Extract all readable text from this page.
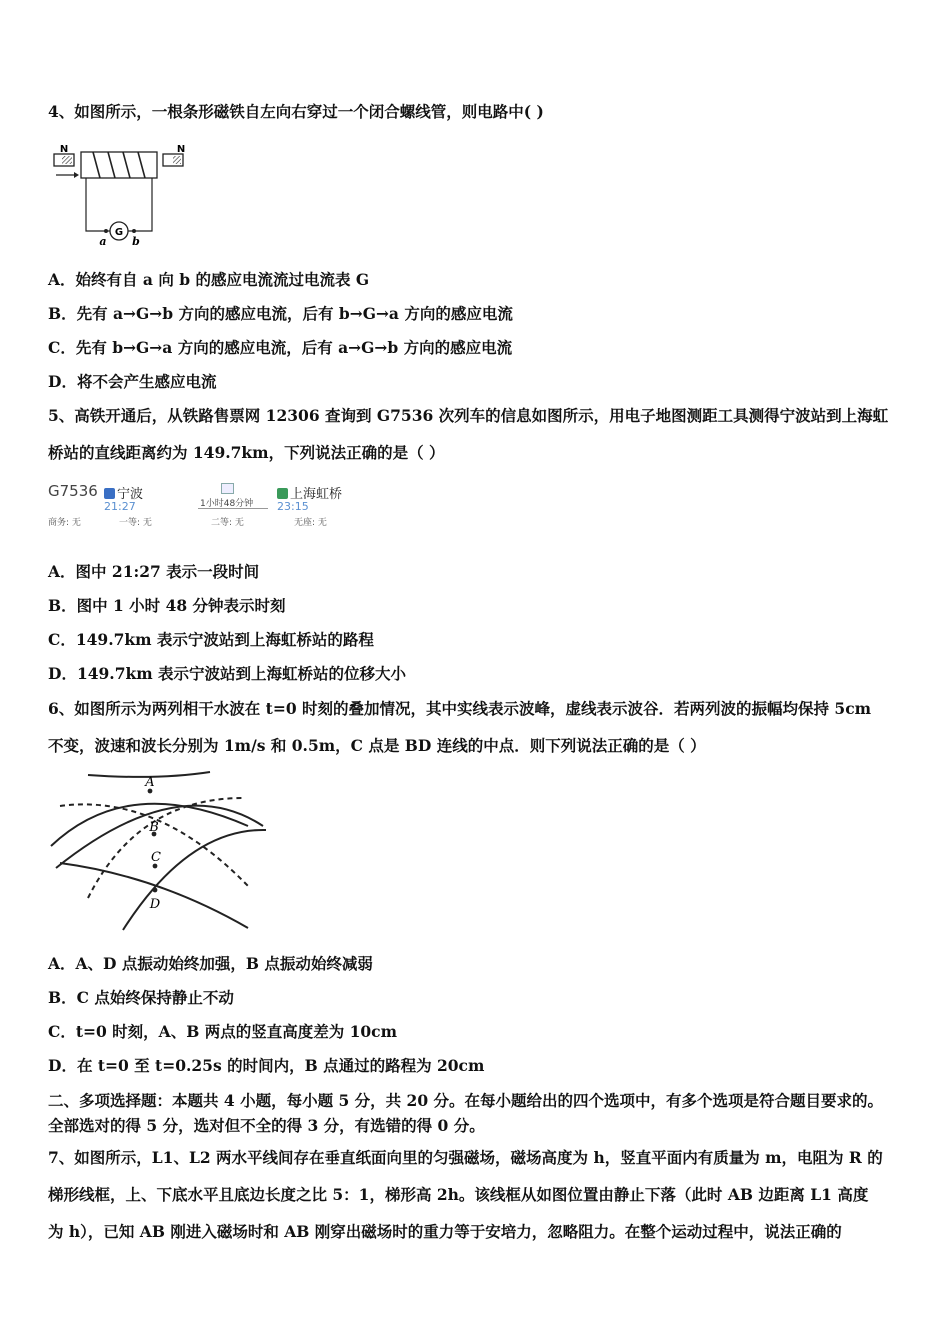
4、如图所示，一根条形磁铁自左向右穿过一个闭合螺线管，则电路中( )
N	N
G
a b
A．始终有自 a 向 b 的感应电流流过电流表 G
B．先有 a→G→b 方向的感应电流，后有 b→G→a 方向的感应电流
C．先有 b→G→a 方向的感应电流，后有 a→G→b 方向的感应电流
D．将不会产生感应电流
5、高铁开通后，从铁路售票网 12306 查询到 G7536 次列车的信息如图所示，用电子地图测距工具测得宁波站到上海虹
桥站的直线距离约为 149.7km，下列说法正确的是（ ）
G7536	宁波
21:27	1小时48分钟
上海虹桥
23:15
商务: 无	一等: 无	二等: 无	无座: 无
A．图中 21:27 表示一段时间
B．图中 1 小时 48 分钟表示时刻
C．149.7km 表示宁波站到上海虹桥站的路程
D．149.7km 表示宁波站到上海虹桥站的位移大小
6、如图所示为两列相干水波在 t=0 时刻的叠加情况，其中实线表示波峰，虚线表示波谷．若两列波的振幅均保持 5cm
不变，波速和波长分别为 1m/s 和 0.5m，C 点是 BD 连线的中点．则下列说法正确的是（ ）
A
B
C
D
A．A、D 点振动始终加强，B 点振动始终减弱
B．C 点始终保持静止不动
C．t=0 时刻，A、B 两点的竖直高度差为 10cm
D．在 t=0 至 t=0.25s 的时间内，B 点通过的路程为 20cm
二、多项选择题：本题共 4 小题，每小题 5 分，共 20 分。在每小题给出的四个选项中，有多个选项是符合题目要求的。
全部选对的得 5 分，选对但不全的得 3 分，有选错的得 0 分。
7、如图所示，L1、L2 两水平线间存在垂直纸面向里的匀强磁场，磁场高度为 h，竖直平面内有质量为 m，电阻为 R 的
梯形线框，上、下底水平且底边长度之比 5：1，梯形高 2h。该线框从如图位置由静止下落（此时 AB 边距离 L1 高度
为 h），已知 AB 刚进入磁场时和 AB 刚穿出磁场时的重力等于安培力，忽略阻力。在整个运动过程中，说法正确的
